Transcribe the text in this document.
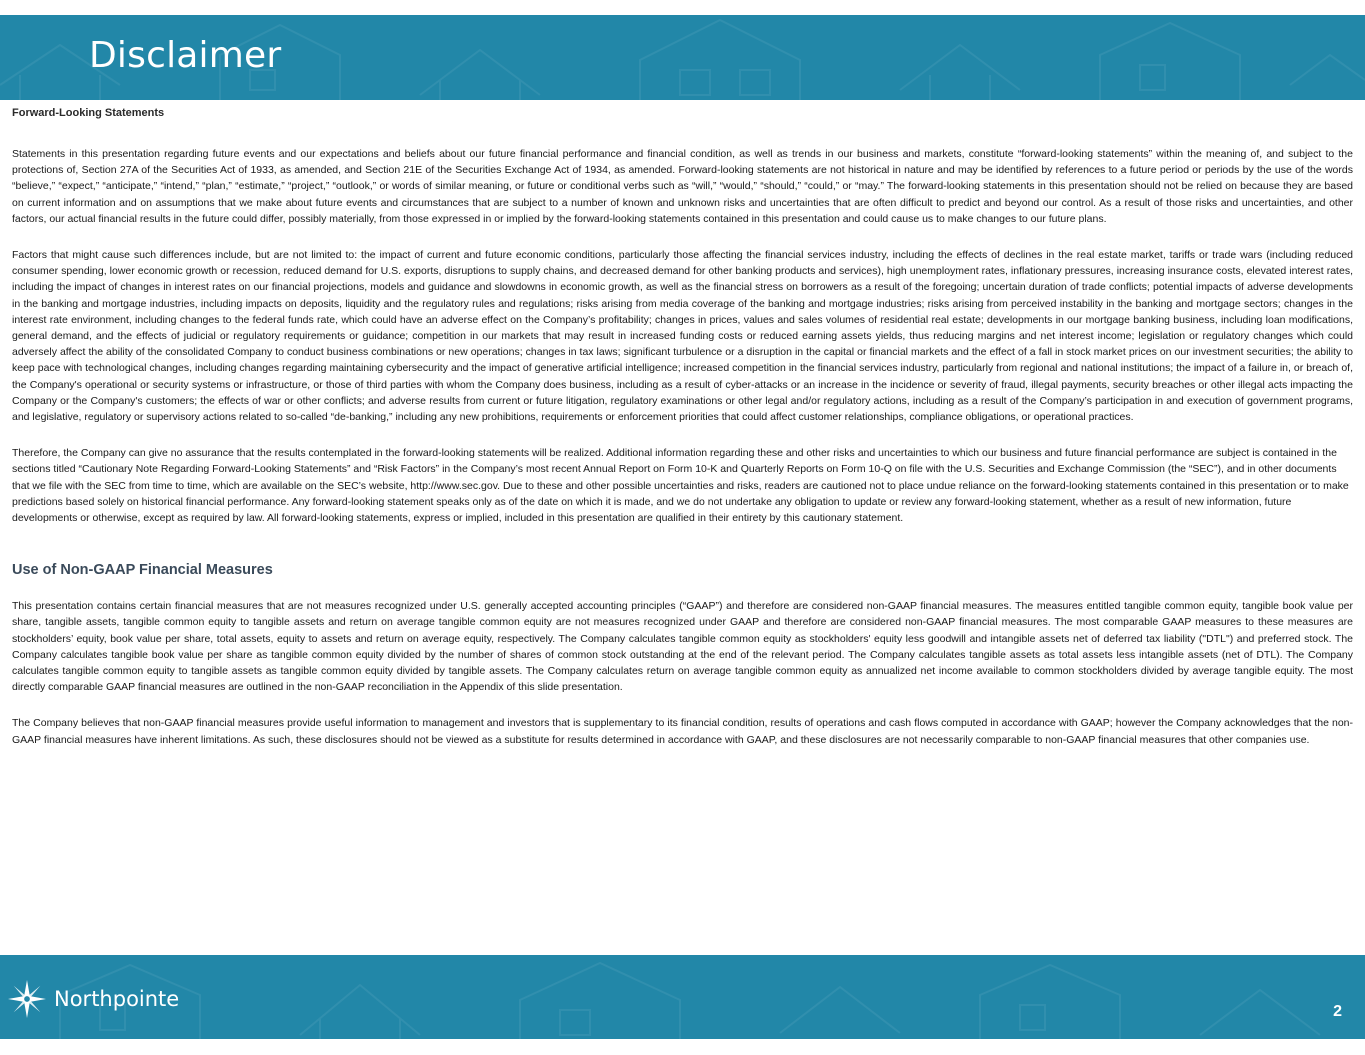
Disclaimer
Forward-Looking Statements

Statements in this presentation regarding future events and our expectations and beliefs about our future financial performance and financial condition, as well as trends in our business and markets, constitute “forward-looking statements” within the meaning of, and subject to the protections of, Section 27A of the Securities Act of 1933, as amended, and Section 21E of the Securities Exchange Act of 1934, as amended. Forward-looking statements are not historical in nature and may be identified by references to a future period or periods by the use of the words “believe,” “expect,” “anticipate,” “intend,” “plan,” “estimate,” “project,” “outlook,” or words of similar meaning, or future or conditional verbs such as “will,” “would,” “should,” “could,” or “may.” The forward-looking statements in this presentation should not be relied on because they are based on current information and on assumptions that we make about future events and circumstances that are subject to a number of known and unknown risks and uncertainties that are often difficult to predict and beyond our control. As a result of those risks and uncertainties, and other factors, our actual financial results in the future could differ, possibly materially, from those expressed in or implied by the forward-looking statements contained in this presentation and could cause us to make changes to our future plans.

Factors that might cause such differences include, but are not limited to: the impact of current and future economic conditions, particularly those affecting the financial services industry, including the effects of declines in the real estate market, tariffs or trade wars (including reduced consumer spending, lower economic growth or recession, reduced demand for U.S. exports, disruptions to supply chains, and decreased demand for other banking products and services), high unemployment rates, inflationary pressures, increasing insurance costs, elevated interest rates, including the impact of changes in interest rates on our financial projections, models and guidance and slowdowns in economic growth, as well as the financial stress on borrowers as a result of the foregoing; uncertain duration of trade conflicts; potential impacts of adverse developments in the banking and mortgage industries, including impacts on deposits, liquidity and the regulatory rules and regulations; risks arising from media coverage of the banking and mortgage industries; risks arising from perceived instability in the banking and mortgage sectors; changes in the interest rate environment, including changes to the federal funds rate, which could have an adverse effect on the Company’s profitability; changes in prices, values and sales volumes of residential real estate; developments in our mortgage banking business, including loan modifications, general demand, and the effects of judicial or regulatory requirements or guidance; competition in our markets that may result in increased funding costs or reduced earning assets yields, thus reducing margins and net interest income; legislation or regulatory changes which could adversely affect the ability of the consolidated Company to conduct business combinations or new operations; changes in tax laws; significant turbulence or a disruption in the capital or financial markets and the effect of a fall in stock market prices on our investment securities; the ability to keep pace with technological changes, including changes regarding maintaining cybersecurity and the impact of generative artificial intelligence; increased competition in the financial services industry, particularly from regional and national institutions; the impact of a failure in, or breach of, the Company's operational or security systems or infrastructure, or those of third parties with whom the Company does business, including as a result of cyber-attacks or an increase in the incidence or severity of fraud, illegal payments, security breaches or other illegal acts impacting the Company or the Company's customers; the effects of war or other conflicts; and adverse results from current or future litigation, regulatory examinations or other legal and/or regulatory actions, including as a result of the Company’s participation in and execution of government programs, and legislative, regulatory or supervisory actions related to so-called “de-banking,” including any new prohibitions, requirements or enforcement priorities that could affect customer relationships, compliance obligations, or operational practices.

Therefore, the Company can give no assurance that the results contemplated in the forward-looking statements will be realized. Additional information regarding these and other risks and uncertainties to which our business and future financial performance are subject is contained in the sections titled “Cautionary Note Regarding Forward-Looking Statements” and “Risk Factors” in the Company’s most recent Annual Report on Form 10-K and Quarterly Reports on Form 10-Q on file with the U.S. Securities and Exchange Commission (the “SEC”), and in other documents that we file with the SEC from time to time, which are available on the SEC’s website, http://www.sec.gov. Due to these and other possible uncertainties and risks, readers are cautioned not to place undue reliance on the forward-looking statements contained in this presentation or to make predictions based solely on historical financial performance. Any forward-looking statement speaks only as of the date on which it is made, and we do not undertake any obligation to update or review any forward-looking statement, whether as a result of new information, future developments or otherwise, except as required by law. All forward-looking statements, express or implied, included in this presentation are qualified in their entirety by this cautionary statement.

Use of Non-GAAP Financial Measures

This presentation contains certain financial measures that are not measures recognized under U.S. generally accepted accounting principles (“GAAP”) and therefore are considered non-GAAP financial measures. The measures entitled tangible common equity, tangible book value per share, tangible assets, tangible common equity to tangible assets and return on average tangible common equity are not measures recognized under GAAP and therefore are considered non-GAAP financial measures. The most comparable GAAP measures to these measures are stockholders’ equity, book value per share, total assets, equity to assets and return on average equity, respectively. The Company calculates tangible common equity as stockholders' equity less goodwill and intangible assets net of deferred tax liability ("DTL") and preferred stock. The Company calculates tangible book value per share as tangible common equity divided by the number of shares of common stock outstanding at the end of the relevant period. The Company calculates tangible assets as total assets less intangible assets (net of DTL). The Company calculates tangible common equity to tangible assets as tangible common equity divided by tangible assets. The Company calculates return on average tangible common equity as annualized net income available to common stockholders divided by average tangible equity. The most directly comparable GAAP financial measures are outlined in the non-GAAP reconciliation in the Appendix of this slide presentation.

The Company believes that non-GAAP financial measures provide useful information to management and investors that is supplementary to its financial condition, results of operations and cash flows computed in accordance with GAAP; however the Company acknowledges that the non-GAAP financial measures have inherent limitations. As such, these disclosures should not be viewed as a substitute for results determined in accordance with GAAP, and these disclosures are not necessarily comparable to non-GAAP financial measures that other companies use.

Northpointe
2
